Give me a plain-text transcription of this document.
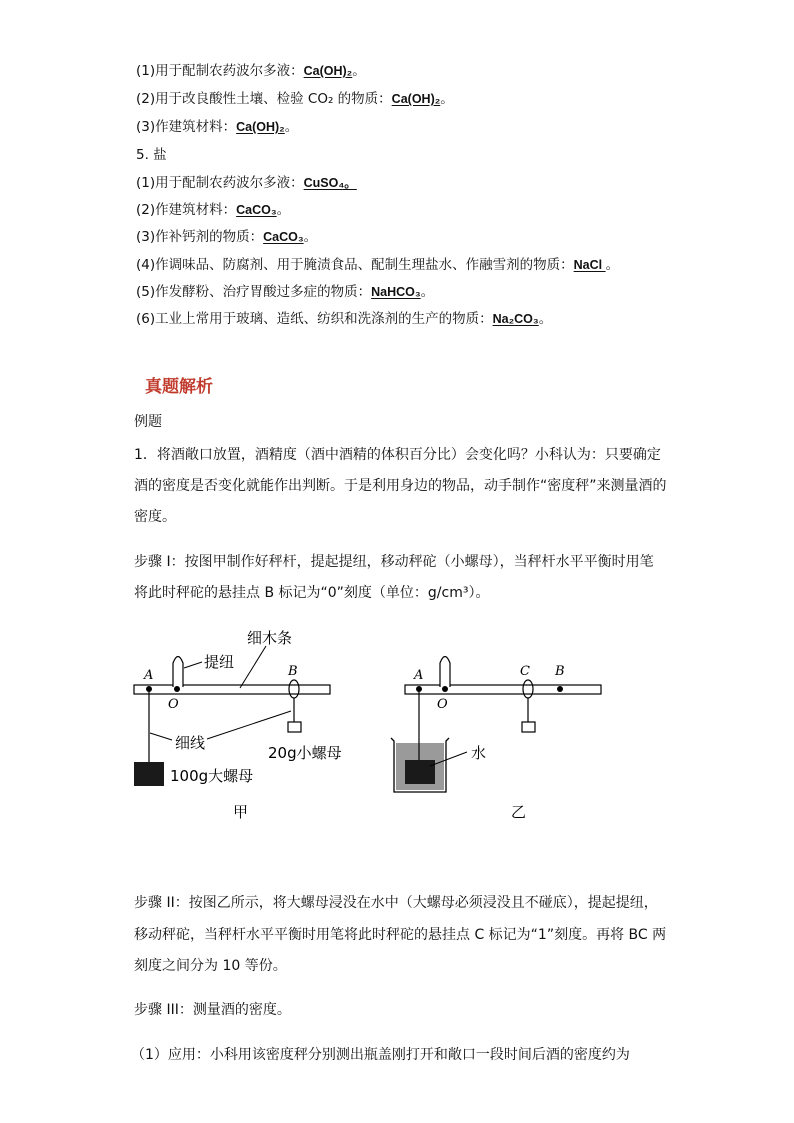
(1)用于配制农药波尔多液：Ca(OH)₂。
(2)用于改良酸性土壤、检验 CO₂ 的物质：Ca(OH)₂。
(3)作建筑材料：Ca(OH)₂。
5. 盐
(1)用于配制农药波尔多液：CuSO₄。
(2)作建筑材料：CaCO₃。
(3)作补钙剂的物质：CaCO₃。
(4)作调味品、防腐剂、用于腌渍食品、配制生理盐水、作融雪剂的物质：NaCl 。
(5)作发酵粉、治疗胃酸过多症的物质：NaHCO₃。
(6)工业上常用于玻璃、造纸、纺织和洗涤剂的生产的物质：Na₂CO₃。
真题解析
例题
1．将酒敞口放置，酒精度（酒中酒精的体积百分比）会变化吗？小科认为：只要确定
酒的密度是否变化就能作出判断。于是利用身边的物品，动手制作“密度秤”来测量酒的
密度。
步骤 I：按图甲制作好秤杆，提起提纽，移动秤砣（小螺母），当秤杆水平平衡时用笔
将此时秤砣的悬挂点 B 标记为“0”刻度（单位：g/cm³）。
A
O
B
提纽
细木条
细线
20g小螺母
100g大螺母
甲
A
O
C B
水
乙
步骤 II：按图乙所示，将大螺母浸没在水中（大螺母必须浸没且不碰底），提起提纽，
移动秤砣，当秤杆水平平衡时用笔将此时秤砣的悬挂点 C 标记为“1”刻度。再将 BC 两
刻度之间分为 10 等份。
步骤 III：测量酒的密度。
（1）应用：小科用该密度秤分别测出瓶盖刚打开和敞口一段时间后酒的密度约为
